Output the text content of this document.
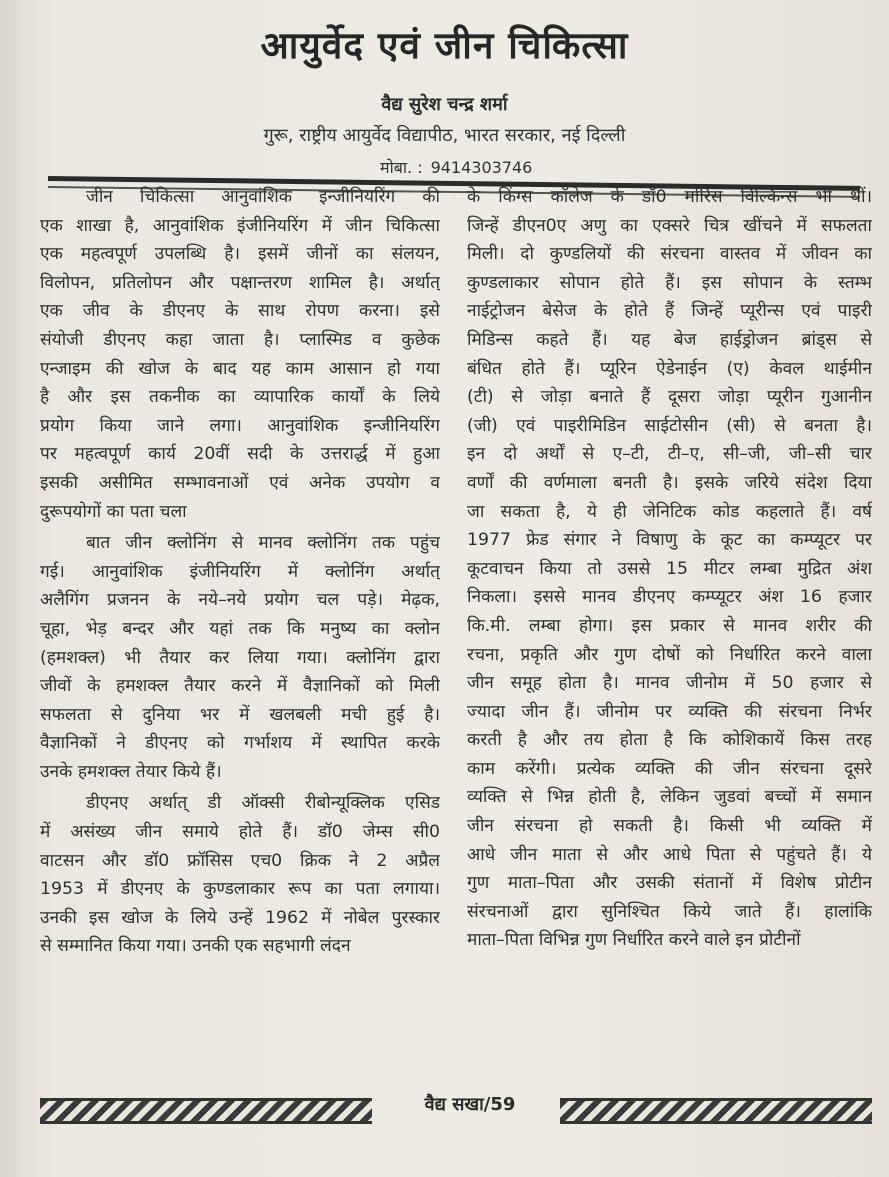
आयुर्वेद एवं जीन चिकित्सा
वैद्य सुरेश चन्द्र शर्मा
गुरू, राष्ट्रीय आयुर्वेद विद्यापीठ, भारत सरकार, नई दिल्ली
मोबा. : 9414303746
जीन चिकित्सा आनुवांशिक इन्जीनियरिंग की
एक शाखा है, आनुवांशिक इंजीनियरिंग में जीन चिकित्सा
एक महत्वपूर्ण उपलब्धि है। इसमें जीनों का संलयन,
विलोपन, प्रतिलोपन और पक्षान्तरण शामिल है। अर्थात्
एक जीव के डीएनए के साथ रोपण करना। इसे
संयोजी डीएनए कहा जाता है। प्लास्मिड व कुछेक
एन्जाइम की खोज के बाद यह काम आसान हो गया
है और इस तकनीक का व्यापारिक कार्यों के लिये
प्रयोग किया जाने लगा। आनुवांशिक इन्जीनियरिंग
पर महत्वपूर्ण कार्य 20वीं सदी के उत्तरार्द्ध में हुआ
इसकी असीमित सम्भावनाओं एवं अनेक उपयोग व
दुरूपयोगों का पता चला
बात जीन क्लोनिंग से मानव क्लोनिंग तक पहुंच
गई। आनुवांशिक इंजीनियरिंग में क्लोनिंग अर्थात्
अलैगिंग प्रजनन के नये–नये प्रयोग चल पड़े। मेढ़क,
चूहा, भेड़ बन्दर और यहां तक कि मनुष्य का क्लोन
(हमशक्ल) भी तैयार कर लिया गया। क्लोनिंग द्वारा
जीवों के हमशक्ल तैयार करने में वैज्ञानिकों को मिली
सफलता से दुनिया भर में खलबली मची हुई है।
वैज्ञानिकों ने डीएनए को गर्भाशय में स्थापित करके
उनके हमशक्ल तेयार किये हैं।
डीएनए अर्थात् डी ऑक्सी रीबोन्यूक्लिक एसिड
में असंख्य जीन समाये होते हैं। डॉ0 जेम्स सी0
वाटसन और डॉ0 फ्रॉसिस एच0 क्रिक ने 2 अप्रैल
1953 में डीएनए के कुण्डलाकार रूप का पता लगाया।
उनकी इस खोज के लिये उन्हें 1962 में नोबेल पुरस्कार
से सम्मानित किया गया। उनकी एक सहभागी लंदन
के किंग्स कॉलेज के डॉ0 मोरिस विल्किन्स भी थीं।
जिन्हें डीएन0ए अणु का एक्सरे चित्र खींचने में सफलता
मिली। दो कुण्डलियों की संरचना वास्तव में जीवन का
कुण्डलाकार सोपान होते हैं। इस सोपान के स्तम्भ
नाईट्रोजन बेसेज के होते हैं जिन्हें प्यूरीन्स एवं पाइरी
मिडिन्स कहते हैं। यह बेज हाईड्रोजन ब्रांड्स से
बंधित होते हैं। प्यूरिन ऐडेनाईन (ए) केवल थाईमीन
(टी) से जोड़ा बनाते हैं दूसरा जोड़ा प्यूरीन गुआनीन
(जी) एवं पाइरीमिडिन साईटोसीन (सी) से बनता है।
इन दो अर्थों से ए–टी, टी–ए, सी–जी, जी–सी चार
वर्णों की वर्णमाला बनती है। इसके जरिये संदेश दिया
जा सकता है, ये ही जेनिटिक कोड कहलाते हैं। वर्ष
1977 फ्रेड संगार ने विषाणु के कूट का कम्प्यूटर पर
कूटवाचन किया तो उससे 15 मीटर लम्बा मुद्रित अंश
निकला। इससे मानव डीएनए कम्प्यूटर अंश 16 हजार
कि.मी. लम्बा होगा। इस प्रकार से मानव शरीर की
रचना, प्रकृति और गुण दोषों को निर्धारित करने वाला
जीन समूह होता है। मानव जीनोम में 50 हजार से
ज्यादा जीन हैं। जीनोम पर व्यक्ति की संरचना निर्भर
करती है और तय होता है कि कोशिकायें किस तरह
काम करेंगी। प्रत्येक व्यक्ति की जीन संरचना दूसरे
व्यक्ति से भिन्न होती है, लेकिन जुडवां बच्चों में समान
जीन संरचना हो सकती है। किसी भी व्यक्ति में
आधे जीन माता से और आधे पिता से पहुंचते हैं। ये
गुण माता–पिता और उसकी संतानों में विशेष प्रोटीन
संरचनाओं द्वारा सुनिश्चित किये जाते हैं। हालांकि
माता–पिता विभिन्न गुण निर्धारित करने वाले इन प्रोटीनों
वैद्य सखा/59
